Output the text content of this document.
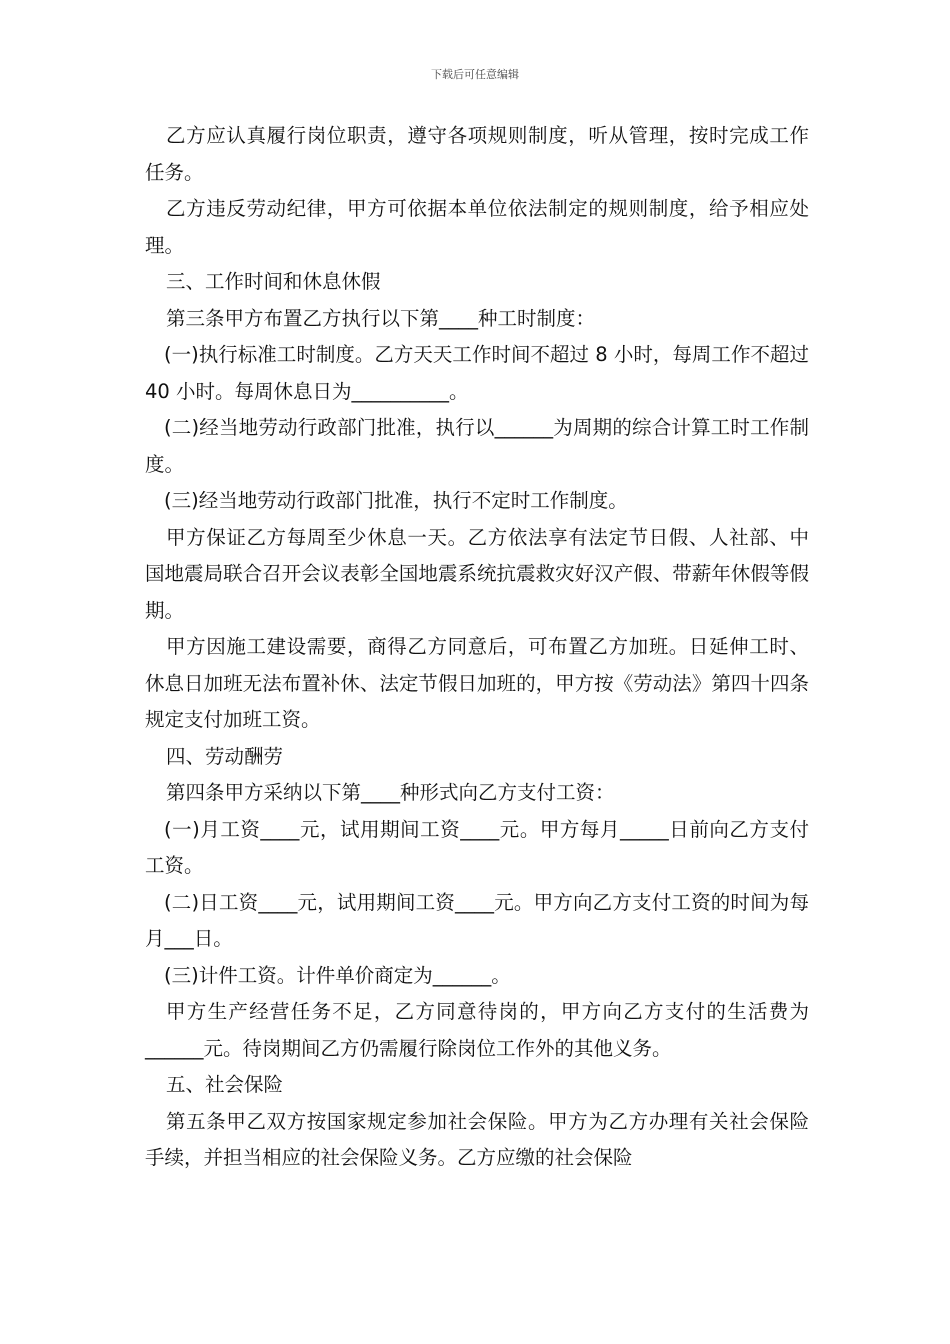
下载后可任意编辑

乙方应认真履行岗位职责，遵守各项规则制度，听从管理，按时完成工作任务。

乙方违反劳动纪律，甲方可依据本单位依法制定的规则制度，给予相应处理。

三、工作时间和休息休假

第三条甲方布置乙方执行以下第____种工时制度：

(一)执行标准工时制度。乙方天天工作时间不超过 8 小时，每周工作不超过 40 小时。每周休息日为__________。

(二)经当地劳动行政部门批准，执行以______为周期的综合计算工时工作制度。

(三)经当地劳动行政部门批准，执行不定时工作制度。

甲方保证乙方每周至少休息一天。乙方依法享有法定节日假、人社部、中国地震局联合召开会议表彰全国地震系统抗震救灾好汉产假、带薪年休假等假期。

甲方因施工建设需要，商得乙方同意后，可布置乙方加班。日延伸工时、休息日加班无法布置补休、法定节假日加班的，甲方按《劳动法》第四十四条规定支付加班工资。

四、劳动酬劳

第四条甲方采纳以下第____种形式向乙方支付工资：

(一)月工资____元，试用期间工资____元。甲方每月_____日前向乙方支付工资。

(二)日工资____元，试用期间工资____元。甲方向乙方支付工资的时间为每月___日。

(三)计件工资。计件单价商定为______。

甲方生产经营任务不足，乙方同意待岗的，甲方向乙方支付的生活费为______元。待岗期间乙方仍需履行除岗位工作外的其他义务。

五、社会保险

第五条甲乙双方按国家规定参加社会保险。甲方为乙方办理有关社会保险手续，并担当相应的社会保险义务。乙方应缴的社会保险
